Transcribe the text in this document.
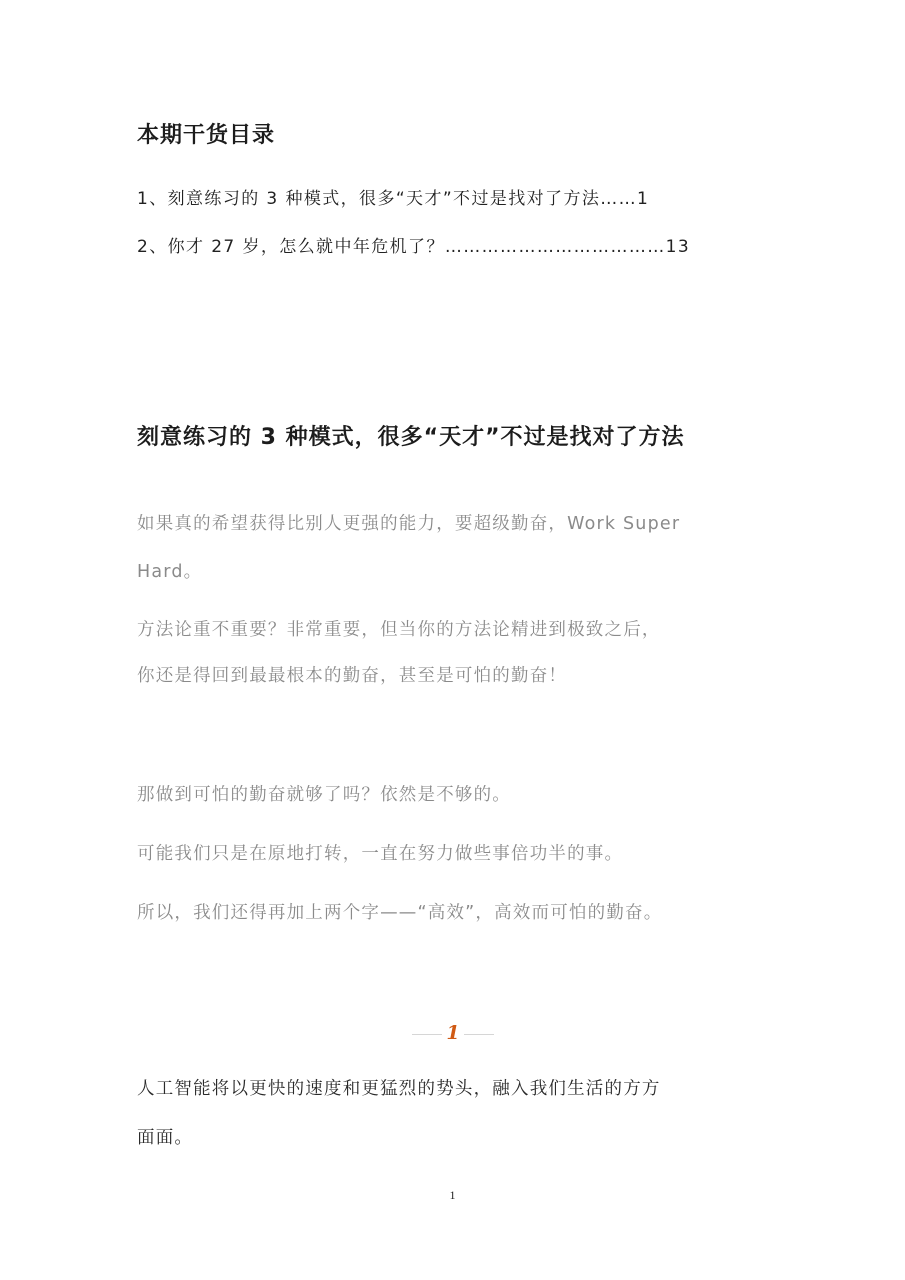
本期干货目录
1、刻意练习的 3 种模式，很多“天才”不过是找对了方法……1
2、你才 27 岁，怎么就中年危机了？………………………………13
刻意练习的 3 种模式，很多“天才”不过是找对了方法
如果真的希望获得比别人更强的能力，要超级勤奋，Work Super
Hard。
方法论重不重要？非常重要，但当你的方法论精进到极致之后，
你还是得回到最最根本的勤奋，甚至是可怕的勤奋！
那做到可怕的勤奋就够了吗？依然是不够的。
可能我们只是在原地打转，一直在努力做些事倍功半的事。
所以，我们还得再加上两个字——“高效”，高效而可怕的勤奋。
1
人工智能将以更快的速度和更猛烈的势头，融入我们生活的方方
面面。
1
